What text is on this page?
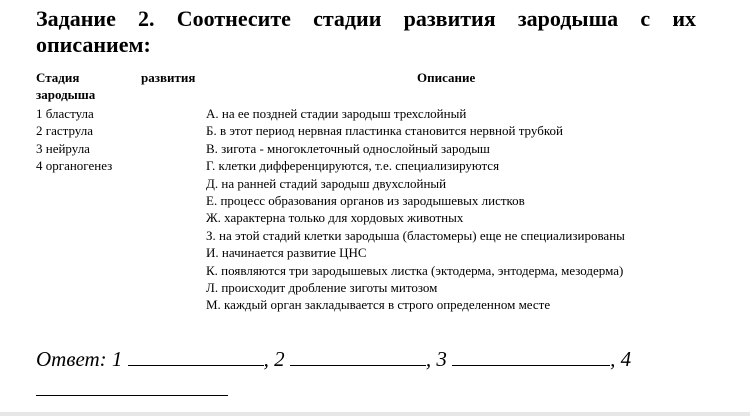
Задание 2. Соотнесите стадии развития зародыша с их описанием:
Стадия	развития
зародыша
Описание
1 бластула
2 гаструла
3 нейрула
4 органогенез
А. на ее поздней стадии зародыш трехслойный
Б. в этот период нервная пластинка становится нервной трубкой
В. зигота - многоклеточный однослойный зародыш
Г. клетки дифференцируются, т.е. специализируются
Д. на ранней стадий зародыш двухслойный
Е. процесс образования органов из зародышевых листков
Ж. характерна только для хордовых животных
З. на этой стадий клетки зародыша (бластомеры) еще не специализированы
И. начинается развитие ЦНС
К. появляются три зародышевых листка (эктодерма, энтодерма, мезодерма)
Л. происходит дробление зиготы митозом
М. каждый орган закладывается в строго определенном месте
Ответ: 1	, 2	, 3	, 4
